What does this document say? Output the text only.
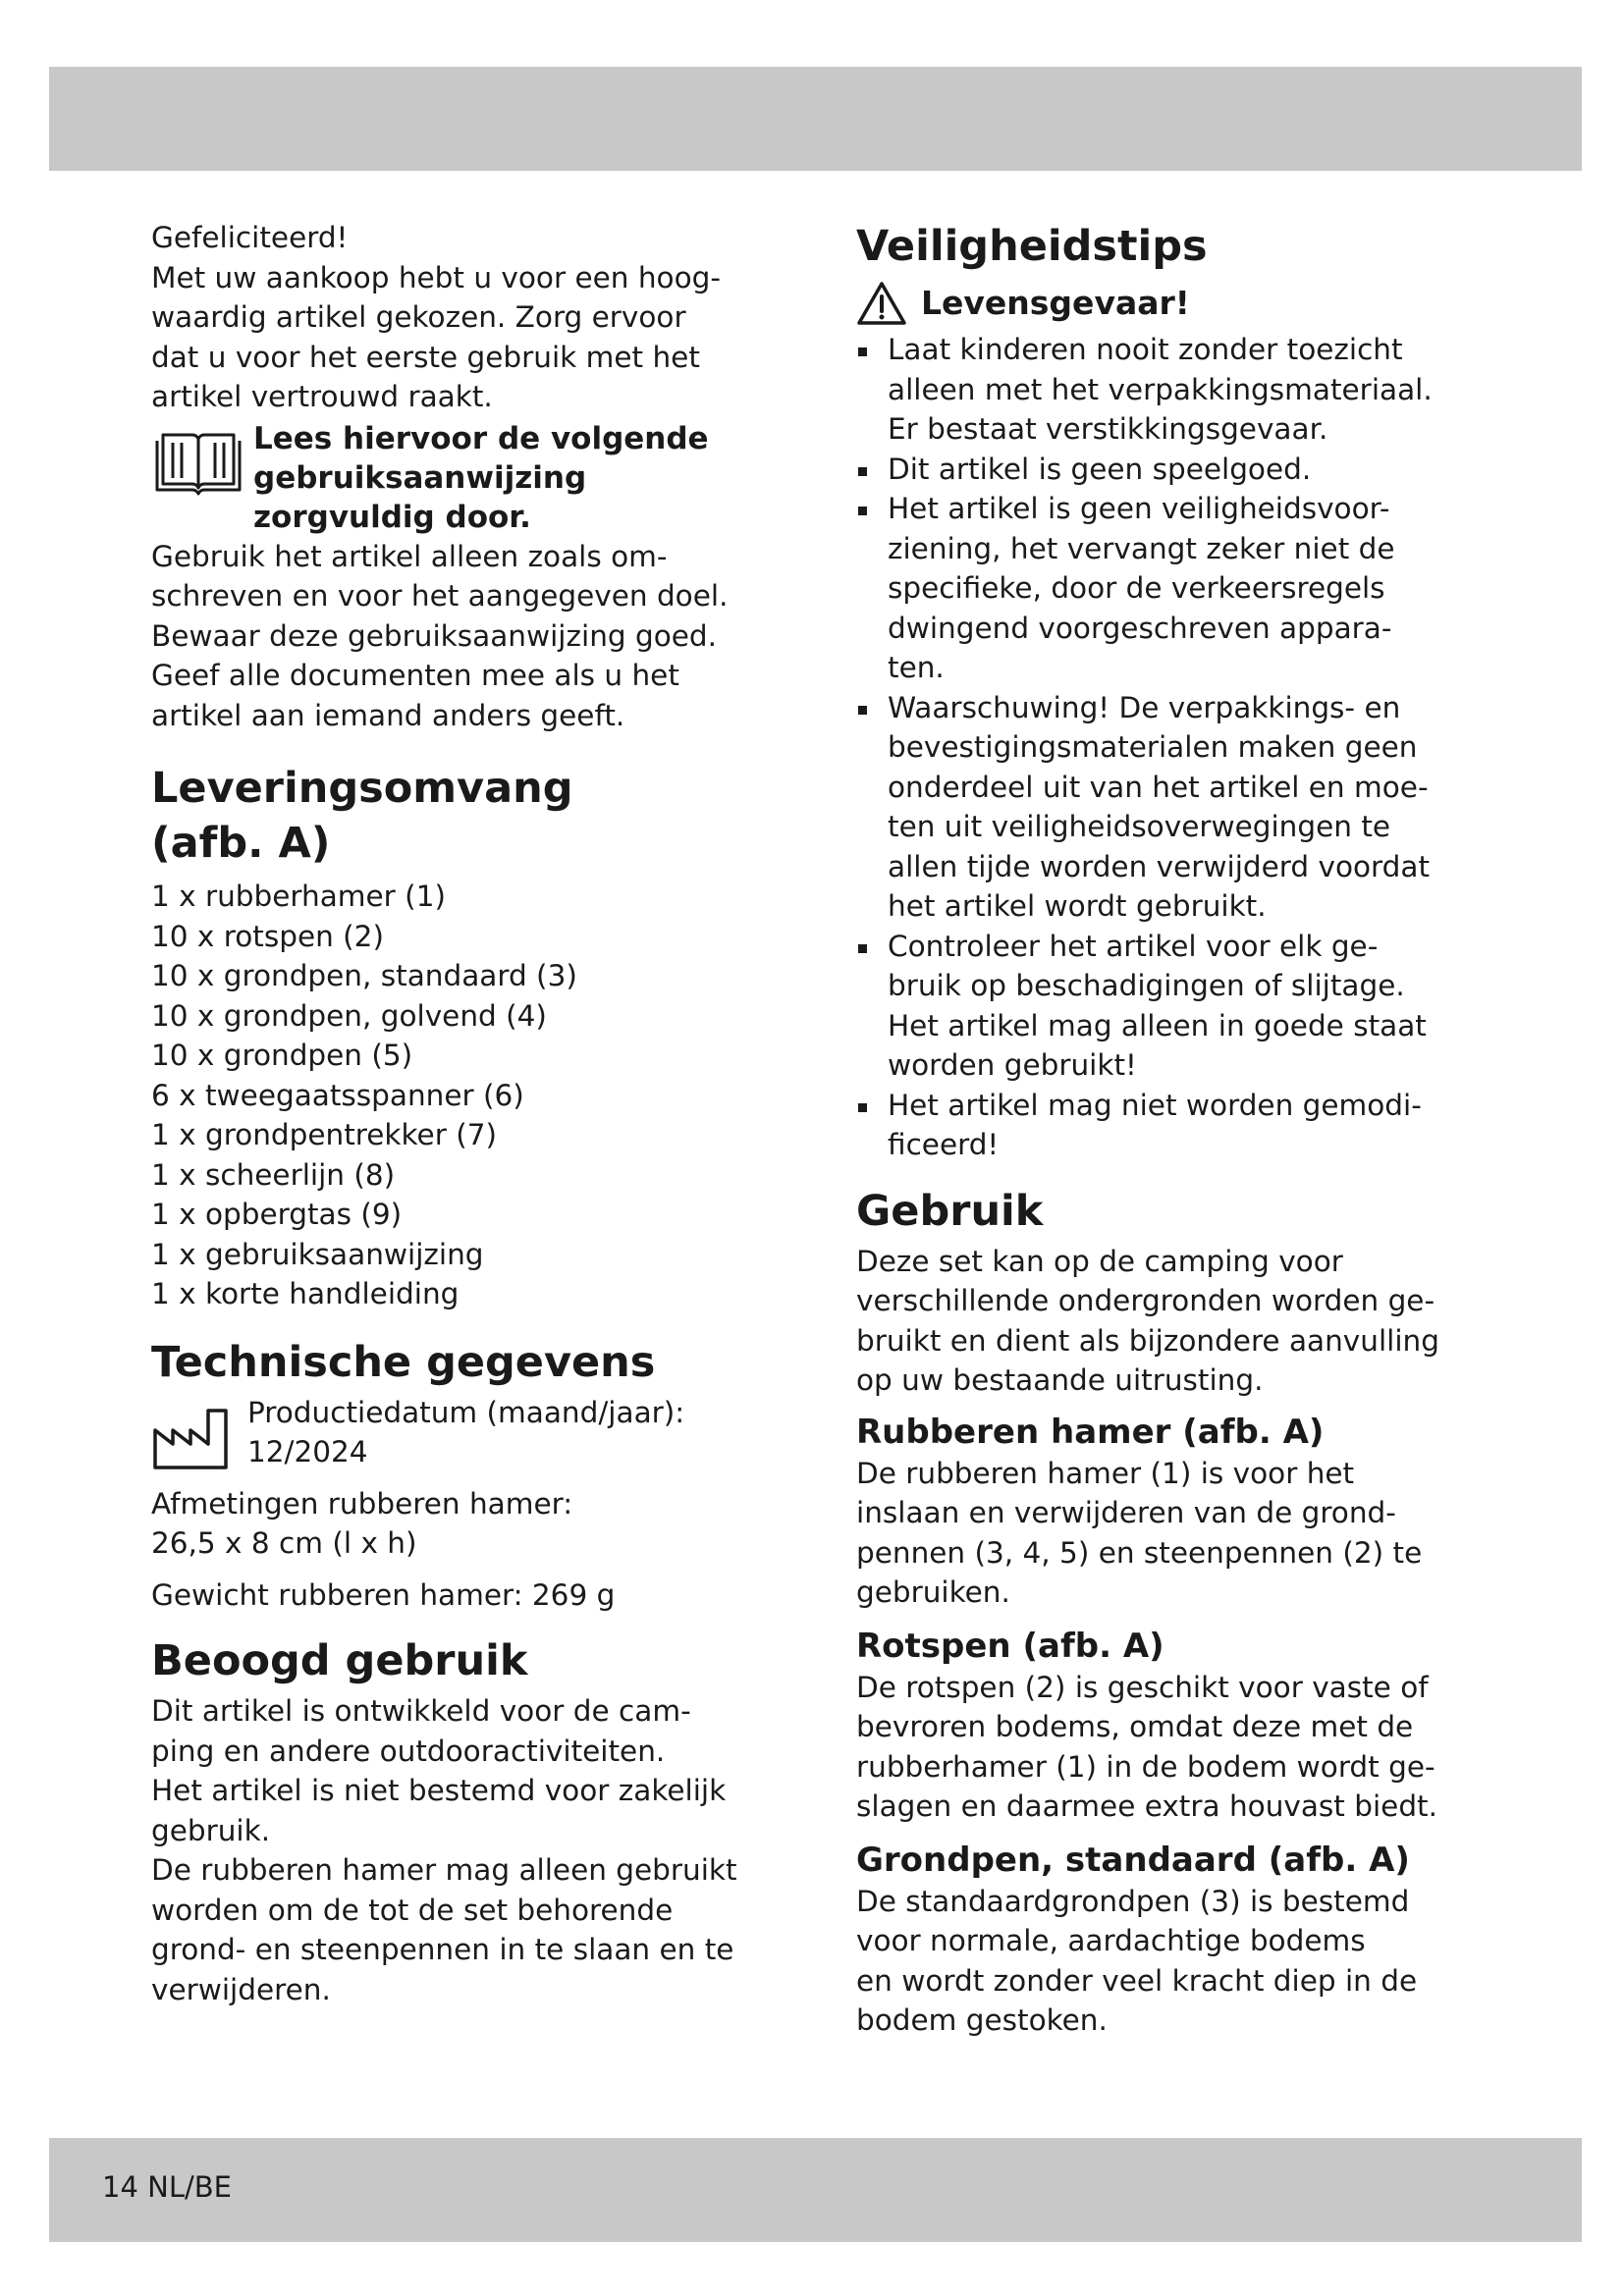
Gefeliciteerd!
Met uw aankoop hebt u voor een hoog-
waardig artikel gekozen. Zorg ervoor
dat u voor het eerste gebruik met het
artikel vertrouwd raakt.

Lees hiervoor de volgende
gebruiksaanwijzing
zorgvuldig door.

Gebruik het artikel alleen zoals om-
schreven en voor het aangegeven doel.
Bewaar deze gebruiksaanwijzing goed.
Geef alle documenten mee als u het
artikel aan iemand anders geeft.

Leveringsomvang
(afb. A)

1 x rubberhamer (1)

10 x rotspen (2)

10 x grondpen, standaard (3)

10 x grondpen, golvend (4)

10 x grondpen (5)

6 x tweegaatsspanner (6)

1 x grondpentrekker (7)

1 x scheerlijn (8)

1 x opbergtas (9)

1 x gebruiksaanwijzing

1 x korte handleiding

Technische gegevens

Productiedatum (maand/jaar):
12/2024

Afmetingen rubberen hamer:
26,5 x 8 cm (l x h)

Gewicht rubberen hamer: 269 g

Beoogd gebruik

Dit artikel is ontwikkeld voor de cam-
ping en andere outdooractiviteiten.
Het artikel is niet bestemd voor zakelijk
gebruik.
De rubberen hamer mag alleen gebruikt
worden om de tot de set behorende
grond- en steenpennen in te slaan en te
verwijderen.

Veiligheidstips
Levensgevaar!
Laat kinderen nooit zonder toezicht
alleen met het verpakkingsmateriaal.
Er bestaat verstikkingsgevaar.
Dit artikel is geen speelgoed.
Het artikel is geen veiligheidsvoor-
ziening, het vervangt zeker niet de
specifieke, door de verkeersregels
dwingend voorgeschreven appara-
ten.
Waarschuwing! De verpakkings- en
bevestigingsmaterialen maken geen
onderdeel uit van het artikel en moe-
ten uit veiligheidsoverwegingen te
allen tijde worden verwijderd voordat
het artikel wordt gebruikt.
Controleer het artikel voor elk ge-
bruik op beschadigingen of slijtage.
Het artikel mag alleen in goede staat
worden gebruikt!
Het artikel mag niet worden gemodi-
ficeerd!
Gebruik

Deze set kan op de camping voor
verschillende ondergronden worden ge-
bruikt en dient als bijzondere aanvulling
op uw bestaande uitrusting.

Rubberen hamer (afb. A)

De rubberen hamer (1) is voor het
inslaan en verwijderen van de grond-
pennen (3, 4, 5) en steenpennen (2) te
gebruiken.

Rotspen (afb. A)

De rotspen (2) is geschikt voor vaste of
bevroren bodems, omdat deze met de
rubberhamer (1) in de bodem wordt ge-
slagen en daarmee extra houvast biedt.

Grondpen, standaard (afb. A)

De standaardgrondpen (3) is bestemd
voor normale, aardachtige bodems
en wordt zonder veel kracht diep in de
bodem gestoken.

14 NL/BE
